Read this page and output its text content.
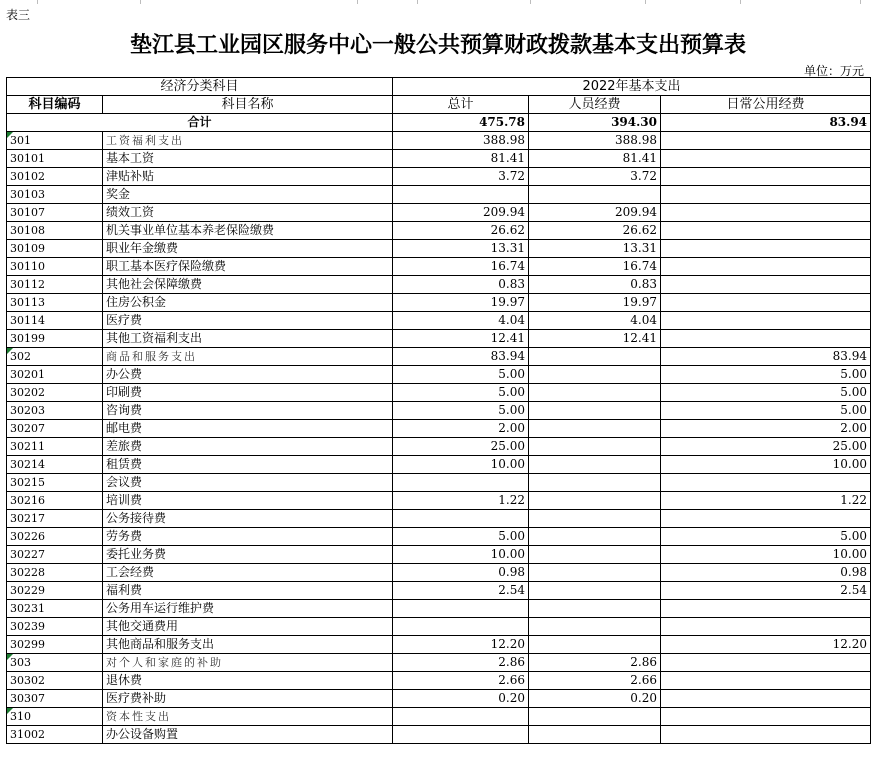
表三
垫江县工业园区服务中心一般公共预算财政拨款基本支出预算表
单位：万元
经济分类科目		2022年基本支出		
科目编码	科目名称	总计	人员经费	日常公用经费
合计		475.78	394.30	83.94

301	工资福利支出	388.98	388.98	
30101	基本工资	81.41	81.41	
30102	津贴补贴	3.72	3.72	
30103	奖金			
30107	绩效工资	209.94	209.94	
30108	机关事业单位基本养老保险缴费	26.62	26.62	
30109	职业年金缴费	13.31	13.31	
30110	职工基本医疗保险缴费	16.74	16.74	
30112	其他社会保障缴费	0.83	0.83	
30113	住房公积金	19.97	19.97	
30114	医疗费	4.04	4.04	
30199	其他工资福利支出	12.41	12.41	

302	商品和服务支出	83.94		83.94
30201	办公费	5.00		5.00
30202	印刷费	5.00		5.00
30203	咨询费	5.00		5.00
30207	邮电费	2.00		2.00
30211	差旅费	25.00		25.00
30214	租赁费	10.00		10.00
30215	会议费			
30216	培训费	1.22		1.22
30217	公务接待费			
30226	劳务费	5.00		5.00
30227	委托业务费	10.00		10.00
30228	工会经费	0.98		0.98
30229	福利费	2.54		2.54
30231	公务用车运行维护费			
30239	其他交通费用			
30299	其他商品和服务支出	12.20		12.20

303	对个人和家庭的补助	2.86	2.86	
30302	退休费	2.66	2.66	
30307	医疗费补助	0.20	0.20	

310	资本性支出			
31002	办公设备购置			
